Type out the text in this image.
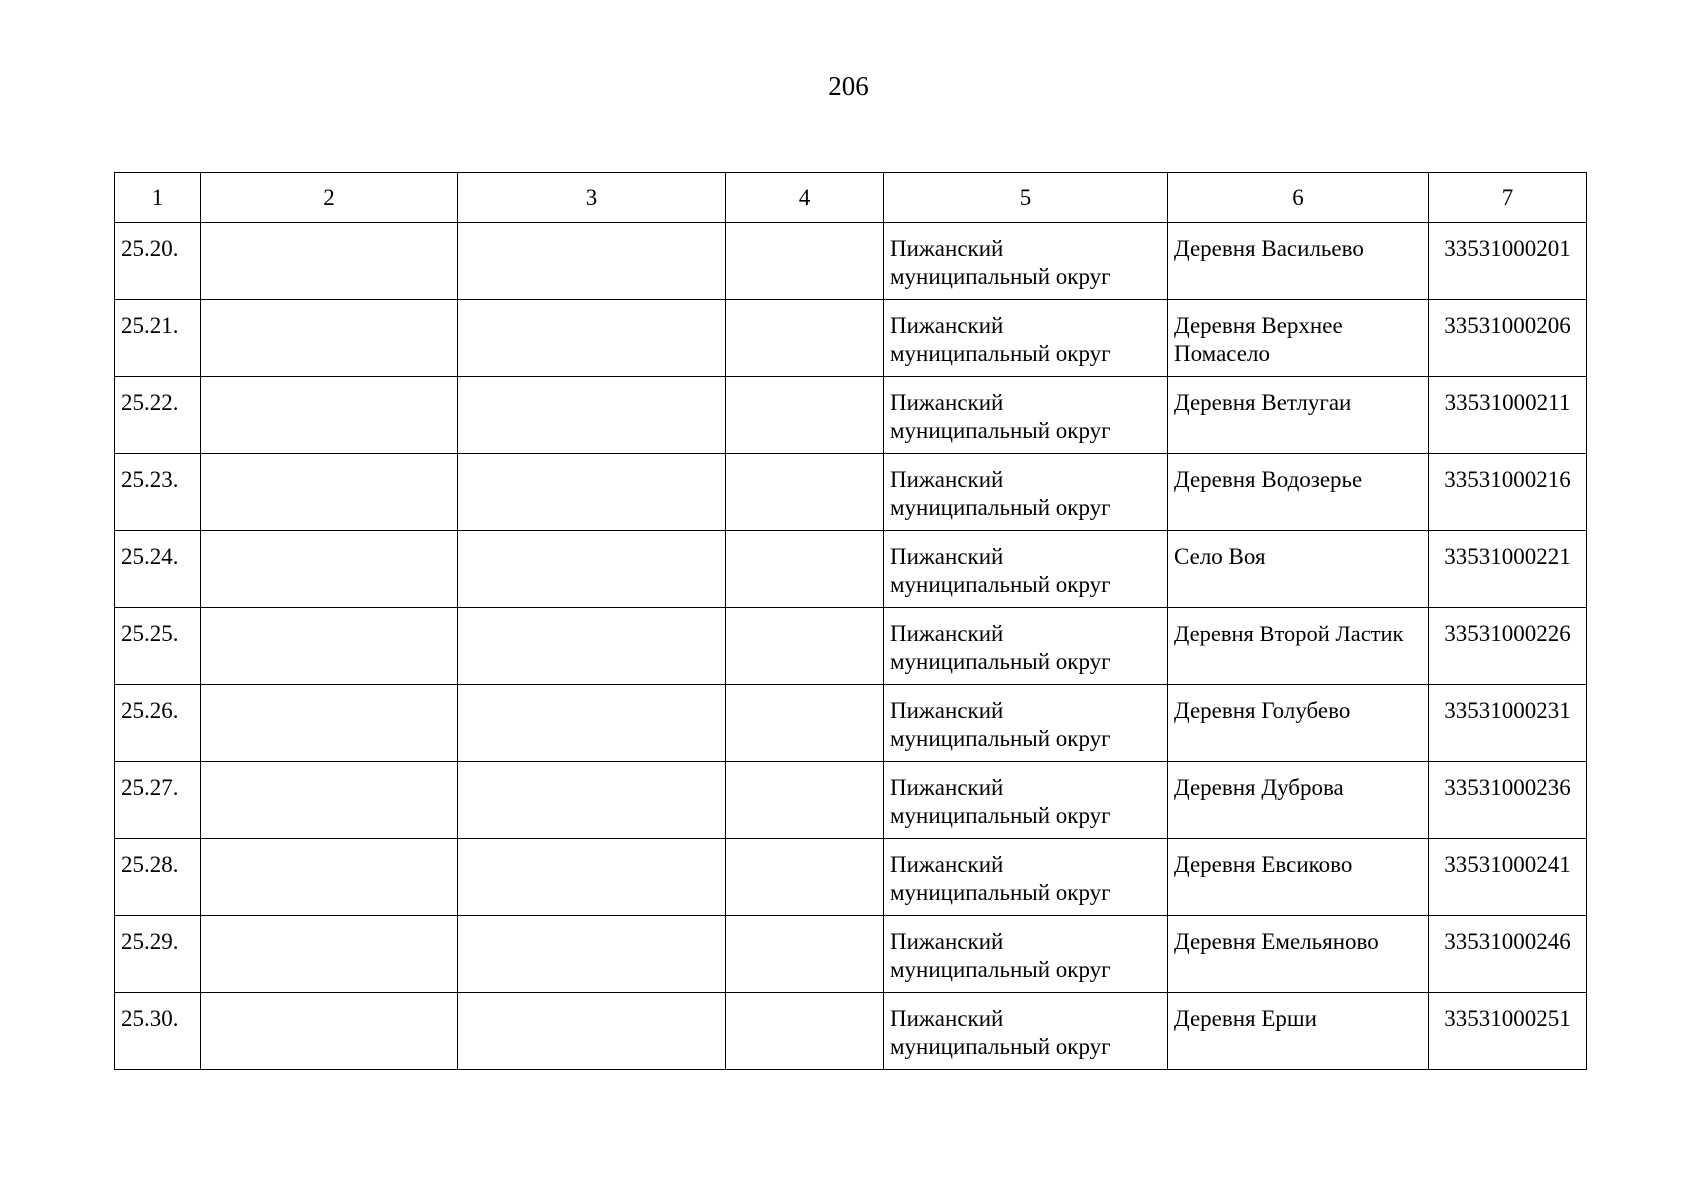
206
1	2	3	4	5	6	7
25.20.				Пижанский муниципальный округ	Деревня Васильево	33531000201
25.21.				Пижанский муниципальный округ	Деревня Верхнее Помасело	33531000206
25.22.				Пижанский муниципальный округ	Деревня Ветлугаи	33531000211
25.23.				Пижанский муниципальный округ	Деревня Водозерье	33531000216
25.24.				Пижанский муниципальный округ	Село Воя	33531000221
25.25.				Пижанский муниципальный округ	Деревня Второй Ластик	33531000226
25.26.				Пижанский муниципальный округ	Деревня Голубево	33531000231
25.27.				Пижанский муниципальный округ	Деревня Дуброва	33531000236
25.28.				Пижанский муниципальный округ	Деревня Евсиково	33531000241
25.29.				Пижанский муниципальный округ	Деревня Емельяново	33531000246
25.30.				Пижанский муниципальный округ	Деревня Ерши	33531000251
